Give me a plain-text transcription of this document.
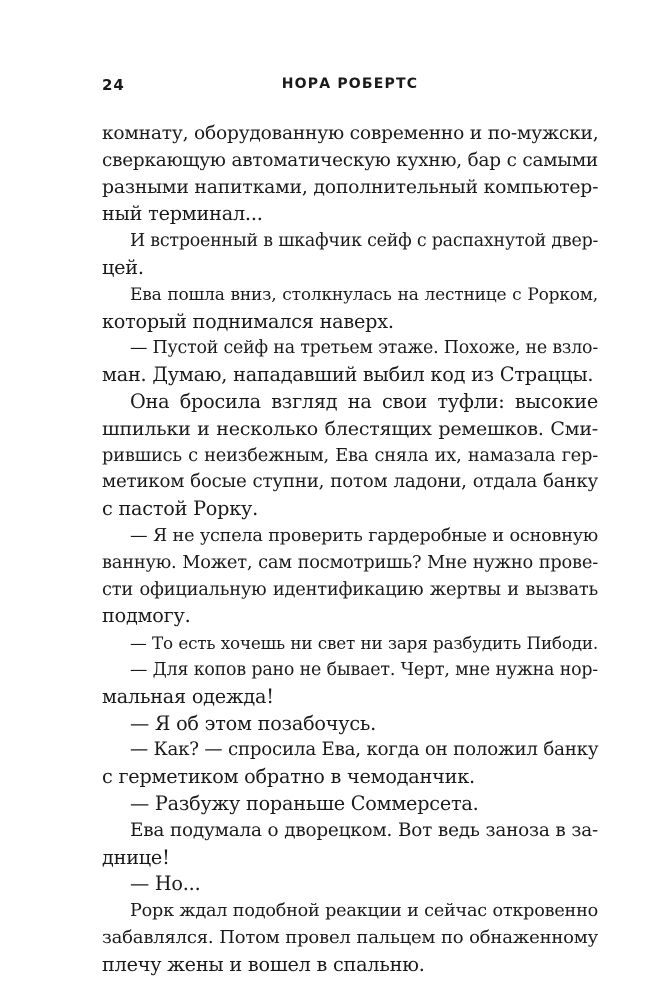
24	НОРА РОБЕРТС
комнату, оборудованную современно и по-мужски,
сверкающую автоматическую кухню, бар с самыми
разными напитками, дополнительный компьютер-
ный терминал...
И встроенный в шкафчик сейф с распахнутой двер-
цей.
Ева пошла вниз, столкнулась на лестнице с Рорком,
который поднимался наверх.
— Пустой сейф на третьем этаже. Похоже, не взло-
ман. Думаю, нападавший выбил код из Страццы.
Она бросила взгляд на свои туфли: высокие
шпильки и несколько блестящих ремешков. Сми-
рившись с неизбежным, Ева сняла их, намазала гер-
метиком босые ступни, потом ладони, отдала банку
с пастой Рорку.
— Я не успела проверить гардеробные и основную
ванную. Может, сам посмотришь? Мне нужно прове-
сти официальную идентификацию жертвы и вызвать
подмогу.
— То есть хочешь ни свет ни заря разбудить Пибоди.
— Для копов рано не бывает. Черт, мне нужна нор-
мальная одежда!
— Я об этом позабочусь.
— Как? — спросила Ева, когда он положил банку
с герметиком обратно в чемоданчик.
— Разбужу пораньше Соммерсета.
Ева подумала о дворецком. Вот ведь заноза в за-
днице!
— Но...
Рорк ждал подобной реакции и сейчас откровенно
забавлялся. Потом провел пальцем по обнаженному
плечу жены и вошел в спальню.
